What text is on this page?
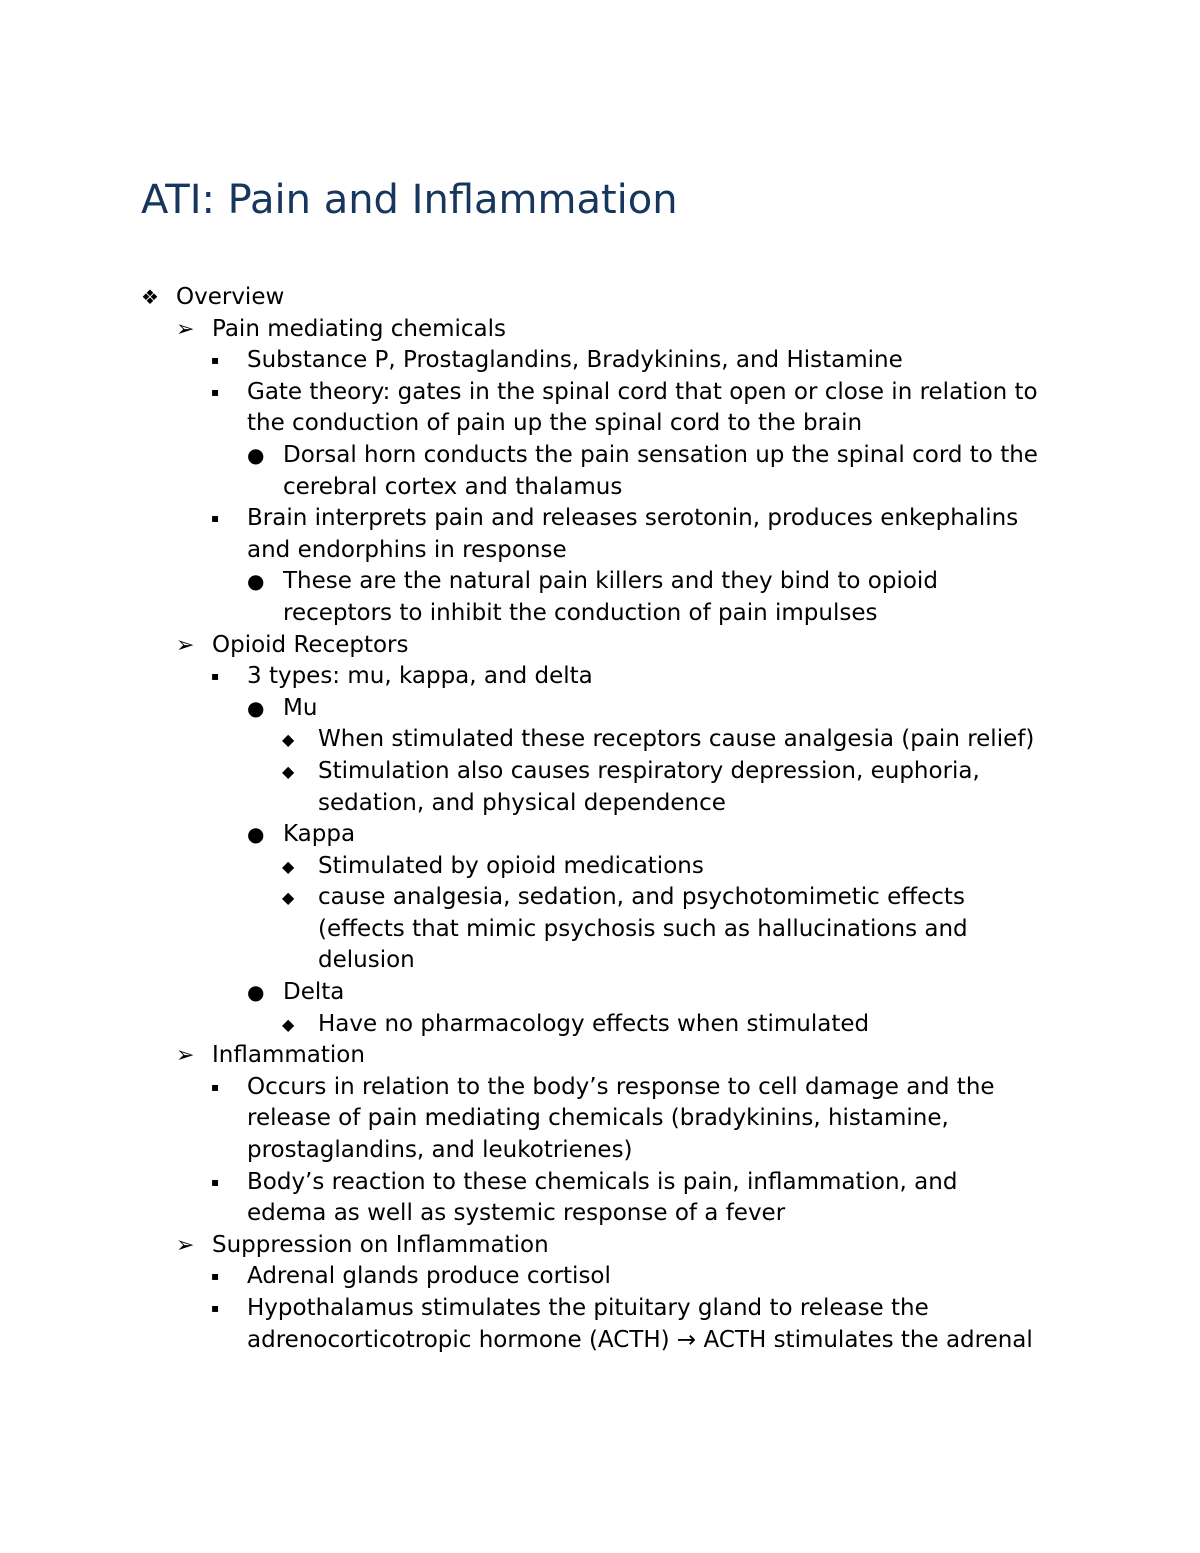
ATI: Pain and Inflammation
❖ Overview
➢ Pain mediating chemicals
▪ Substance P, Prostaglandins, Bradykinins, and Histamine
▪ Gate theory: gates in the spinal cord that open or close in relation to
the conduction of pain up the spinal cord to the brain
● Dorsal horn conducts the pain sensation up the spinal cord to the
cerebral cortex and thalamus
▪ Brain interprets pain and releases serotonin, produces enkephalins
and endorphins in response
● These are the natural pain killers and they bind to opioid
receptors to inhibit the conduction of pain impulses
➢ Opioid Receptors
▪ 3 types: mu, kappa, and delta
● Mu
◆ When stimulated these receptors cause analgesia (pain relief)
◆ Stimulation also causes respiratory depression, euphoria,
sedation, and physical dependence
● Kappa
◆ Stimulated by opioid medications
◆ cause analgesia, sedation, and psychotomimetic effects
(effects that mimic psychosis such as hallucinations and
delusion
● Delta
◆ Have no pharmacology effects when stimulated
➢ Inflammation
▪ Occurs in relation to the body’s response to cell damage and the
release of pain mediating chemicals (bradykinins, histamine,
prostaglandins, and leukotrienes)
▪ Body’s reaction to these chemicals is pain, inflammation, and
edema as well as systemic response of a fever
➢ Suppression on Inflammation
▪ Adrenal glands produce cortisol
▪ Hypothalamus stimulates the pituitary gland to release the
adrenocorticotropic hormone (ACTH) → ACTH stimulates the adrenal
